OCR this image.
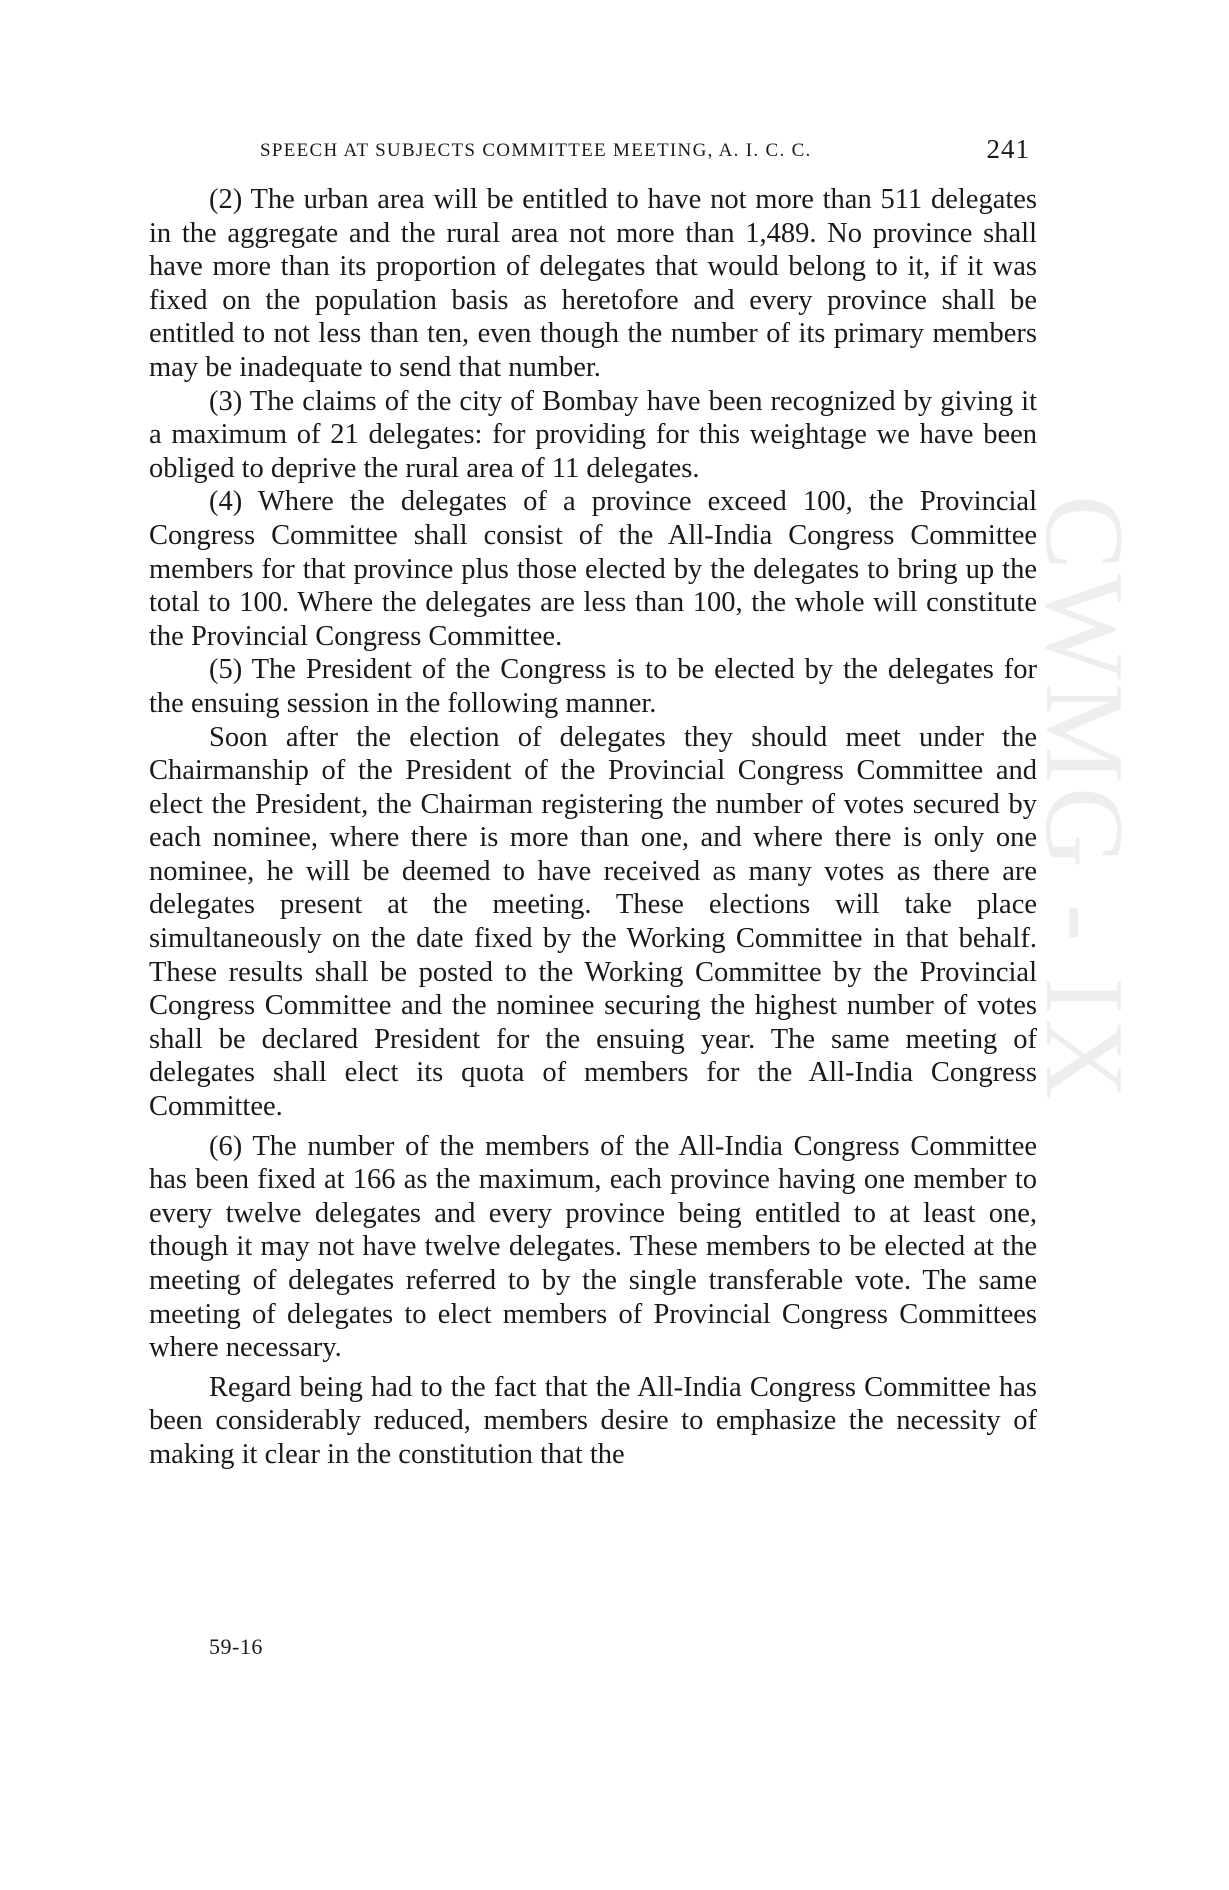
SPEECH AT SUBJECTS COMMITTEE MEETING, A. I. C. C.	241
CWMG - IX

(2) The urban area will be entitled to have not more than 511 delegates in the aggregate and the rural area not more than 1,489. No province shall have more than its proportion of delegates that would belong to it, if it was fixed on the population basis as heretofore and every province shall be entitled to not less than ten, even though the number of its primary members may be inadequate to send that number.

(3) The claims of the city of Bombay have been recognized by giving it a maximum of 21 delegates: for providing for this weightage we have been obliged to deprive the rural area of 11 delegates.

(4) Where the delegates of a province exceed 100, the Provincial Congress Committee shall consist of the All-India Congress Committee members for that province plus those elected by the delegates to bring up the total to 100. Where the delegates are less than 100, the whole will constitute the Provincial Congress Committee.

(5) The President of the Congress is to be elected by the delegates for the ensuing session in the following manner.

Soon after the election of delegates they should meet under the Chairmanship of the President of the Provincial Congress Committee and elect the President, the Chairman registering the number of votes secured by each nominee, where there is more than one, and where there is only one nominee, he will be deemed to have received as many votes as there are delegates present at the meeting. These elections will take place simultaneously on the date fixed by the Working Committee in that behalf. These results shall be posted to the Working Committee by the Provincial Congress Committee and the nominee securing the highest number of votes shall be declared President for the ensuing year. The same meeting of delegates shall elect its quota of members for the All-India Congress Committee.

(6) The number of the members of the All-India Congress Committee has been fixed at 166 as the maximum, each province having one member to every twelve delegates and every province being entitled to at least one, though it may not have twelve delegates. These members to be elected at the meeting of delegates referred to by the single transferable vote. The same meeting of delegates to elect members of Provincial Congress Committees where necessary.

Regard being had to the fact that the All-India Congress Committee has been considerably reduced, members desire to emphasize the necessity of making it clear in the constitution that the

59-16
